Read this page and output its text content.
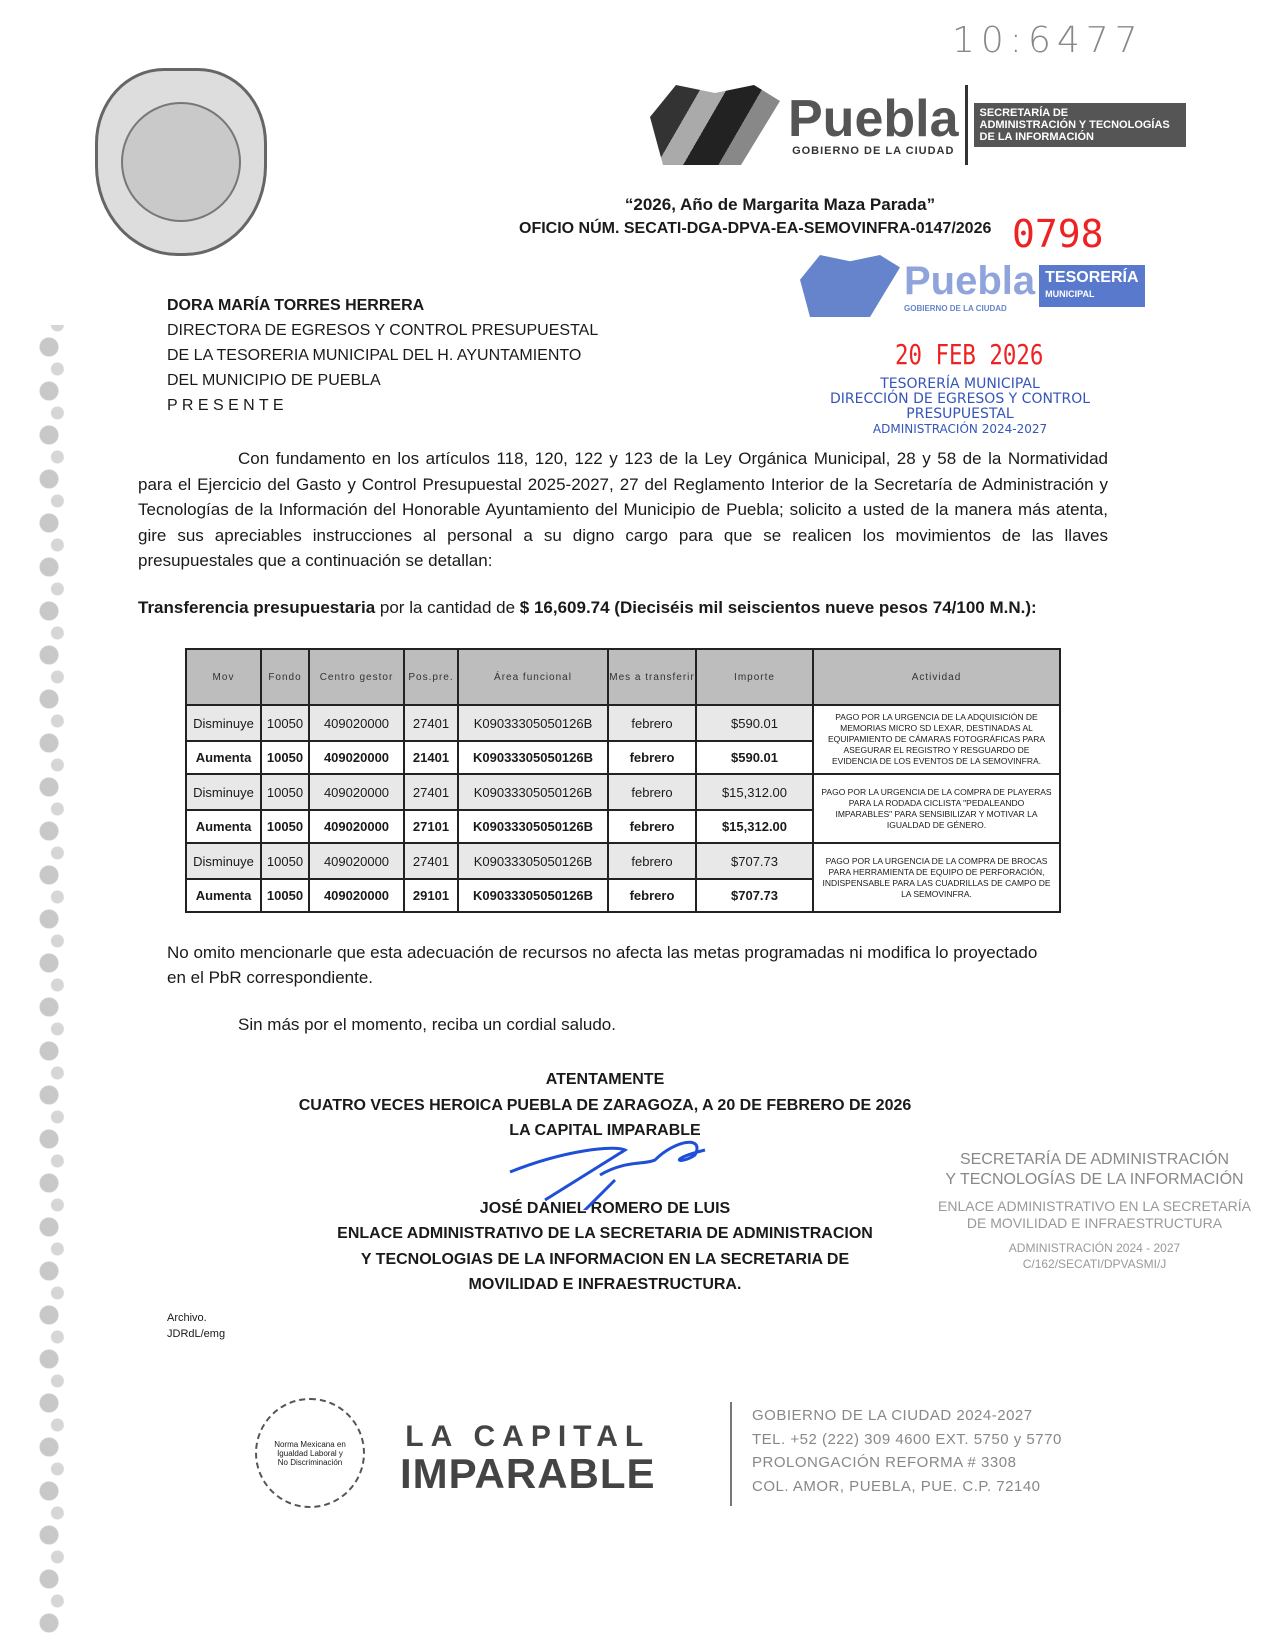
10:6477
Puebla
GOBIERNO DE LA CIUDAD
SECRETARÍA DE
ADMINISTRACIÓN Y TECNOLOGÍAS
DE LA INFORMACIÓN
“2026, Año de Margarita Maza Parada”
OFICIO NÚM. SECATI-DGA-DPVA-EA-SEMOVINFRA-0147/2026 0798
Puebla
GOBIERNO DE LA CIUDAD
TESORERÍA
MUNICIPAL
20 FEB 2026
TESORERÍA MUNICIPAL
DIRECCIÓN DE EGRESOS Y CONTROL
PRESUPUESTAL
ADMINISTRACIÓN 2024-2027
DORA MARÍA TORRES HERRERA
DIRECTORA DE EGRESOS Y CONTROL PRESUPUESTAL
DE LA TESORERIA MUNICIPAL DEL H. AYUNTAMIENTO
DEL MUNICIPIO DE PUEBLA
P R E S E N T E
Con fundamento en los artículos 118, 120, 122 y 123 de la Ley Orgánica Municipal, 28 y 58 de la Normatividad para el Ejercicio del Gasto y Control Presupuestal 2025-2027, 27 del Reglamento Interior de la Secretaría de Administración y Tecnologías de la Información del Honorable Ayuntamiento del Municipio de Puebla; solicito a usted de la manera más atenta, gire sus apreciables instrucciones al personal a su digno cargo para que se realicen los movimientos de las llaves presupuestales que a continuación se detallan:
Transferencia presupuestaria por la cantidad de $ 16,609.74 (Dieciséis mil seiscientos nueve pesos 74/100 M.N.):
Mov	Fondo	Centro gestor	Pos.pre.	Área funcional	Mes a transferir	Importe	Actividad
Disminuye	10050	409020000	27401	K09033305050126B	febrero	$590.01	PAGO POR LA URGENCIA DE LA ADQUISICIÓN DE MEMORIAS MICRO SD LEXAR, DESTINADAS AL EQUIPAMIENTO DE CÁMARAS FOTOGRÁFICAS PARA ASEGURAR EL REGISTRO Y RESGUARDO DE EVIDENCIA DE LOS EVENTOS DE LA SEMOVINFRA.
Aumenta	10050	409020000	21401	K09033305050126B	febrero	$590.01	
Disminuye	10050	409020000	27401	K09033305050126B	febrero	$15,312.00	PAGO POR LA URGENCIA DE LA COMPRA DE PLAYERAS PARA LA RODADA CICLISTA "PEDALEANDO IMPARABLES" PARA SENSIBILIZAR Y MOTIVAR LA IGUALDAD DE GÉNERO.
Aumenta	10050	409020000	27101	K09033305050126B	febrero	$15,312.00	
Disminuye	10050	409020000	27401	K09033305050126B	febrero	$707.73	PAGO POR LA URGENCIA DE LA COMPRA DE BROCAS PARA HERRAMIENTA DE EQUIPO DE PERFORACIÓN, INDISPENSABLE PARA LAS CUADRILLAS DE CAMPO DE LA SEMOVINFRA.
Aumenta	10050	409020000	29101	K09033305050126B	febrero	$707.73	
No omito mencionarle que esta adecuación de recursos no afecta las metas programadas ni modifica lo proyectado en el PbR correspondiente.
Sin más por el momento, reciba un cordial saludo.
ATENTAMENTE
CUATRO VECES HEROICA PUEBLA DE ZARAGOZA, A 20 DE FEBRERO DE 2026
LA CAPITAL IMPARABLE
JOSÉ DANIEL ROMERO DE LUIS
ENLACE ADMINISTRATIVO DE LA SECRETARIA DE ADMINISTRACION
Y TECNOLOGIAS DE LA INFORMACION EN LA SECRETARIA DE
MOVILIDAD E INFRAESTRUCTURA.
SECRETARÍA DE ADMINISTRACIÓN
Y TECNOLOGÍAS DE LA INFORMACIÓN
ENLACE ADMINISTRATIVO EN LA SECRETARÍA
DE MOVILIDAD E INFRAESTRUCTURA
ADMINISTRACIÓN 2024 - 2027
C/162/SECATI/DPVASMI/J
Archivo.
JDRdL/emg
Norma Mexicana en Igualdad Laboral y No Discriminación
LA CAPITAL
IMPARABLE
GOBIERNO DE LA CIUDAD 2024-2027
TEL. +52 (222) 309 4600 EXT. 5750 y 5770
PROLONGACIÓN REFORMA # 3308
COL. AMOR, PUEBLA, PUE. C.P. 72140
